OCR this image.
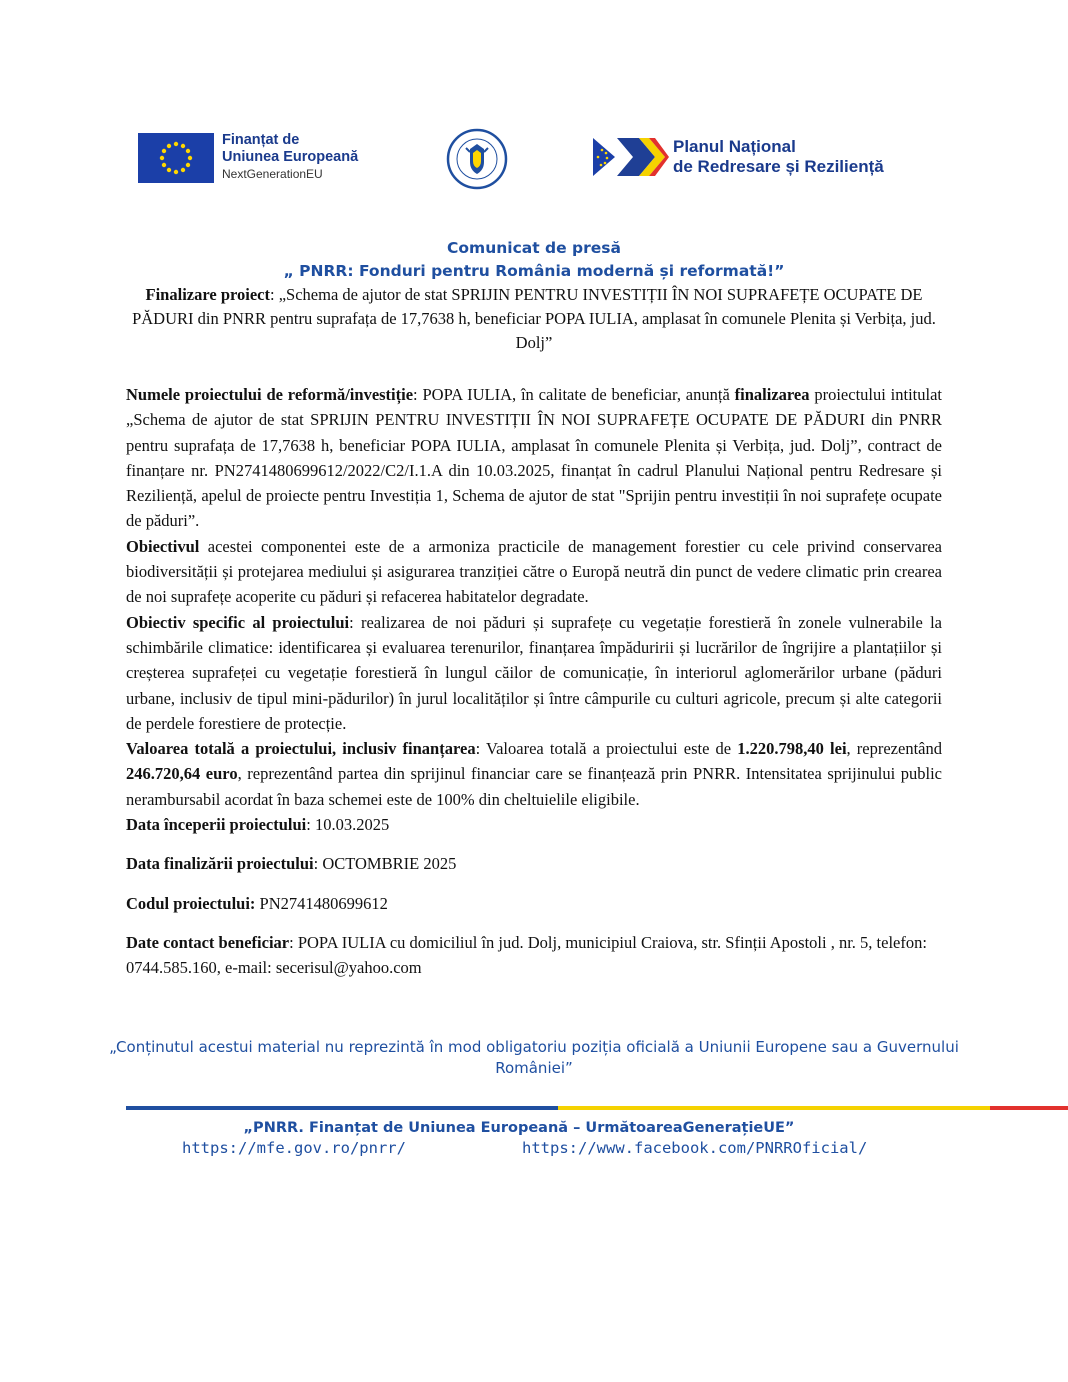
Finanțat de
Uniunea Europeană
NextGenerationEU
Planul Național
de Redresare și Reziliență
Comunicat de presă
„ PNRR: Fonduri pentru România modernă și reformată!”
Finalizare proiect: „Schema de ajutor de stat SPRIJIN PENTRU INVESTIȚII ÎN NOI SUPRAFEȚE OCUPATE DE PĂDURI din PNRR pentru suprafața de 17,7638 h, beneficiar POPA IULIA, amplasat în comunele Plenita și Verbița, jud. Dolj”

Numele proiectului de reformă/investiție: POPA IULIA, în calitate de beneficiar, anunță finalizarea proiectului intitulat „Schema de ajutor de stat SPRIJIN PENTRU INVESTIȚII ÎN NOI SUPRAFEȚE OCUPATE DE PĂDURI din PNRR pentru suprafața de 17,7638 h, beneficiar POPA IULIA, amplasat în comunele Plenita și Verbița, jud. Dolj”, contract de finanțare nr. PN2741480699612/2022/C2/I.1.A din 10.03.2025, finanțat în cadrul Planului Național pentru Redresare și Reziliență, apelul de proiecte pentru Investiția 1, Schema de ajutor de stat "Sprijin pentru investiții în noi suprafețe ocupate de păduri”.

Obiectivul acestei componentei este de a armoniza practicile de management forestier cu cele privind conservarea biodiversității și protejarea mediului și asigurarea tranziției către o Europă neutră din punct de vedere climatic prin crearea de noi suprafețe acoperite cu păduri și refacerea habitatelor degradate.

Obiectiv specific al proiectului: realizarea de noi păduri și suprafețe cu vegetație forestieră în zonele vulnerabile la schimbările climatice: identificarea și evaluarea terenurilor, finanțarea împăduririi și lucrărilor de îngrijire a plantațiilor și creșterea suprafeței cu vegetație forestieră în lungul căilor de comunicație, în interiorul aglomerărilor urbane (păduri urbane, inclusiv de tipul mini-pădurilor) în jurul localităților și între câmpurile cu culturi agricole, precum și alte categorii de perdele forestiere de protecție.

Valoarea totală a proiectului, inclusiv finanțarea: Valoarea totală a proiectului este de 1.220.798,40 lei, reprezentând 246.720,64 euro, reprezentând partea din sprijinul financiar care se finanțează prin PNRR. Intensitatea sprijinului public nerambursabil acordat în baza schemei este de 100% din cheltuielile eligibile.

Data începerii proiectului: 10.03.2025

Data finalizării proiectului: OCTOMBRIE 2025

Codul proiectului: PN2741480699612

Date contact beneficiar: POPA IULIA cu domiciliul în jud. Dolj, municipiul Craiova, str. Sfinții Apostoli , nr. 5, telefon: 0744.585.160, e-mail: secerisul@yahoo.com

„Conținutul acestui material nu reprezintă în mod obligatoriu poziția oficială a Uniunii Europene sau a Guvernului României”
„PNRR. Finanțat de Uniunea Europeană – UrmătoareaGenerațieUE”
https://mfe.gov.ro/pnrr/	https://www.facebook.com/PNRROficial/
